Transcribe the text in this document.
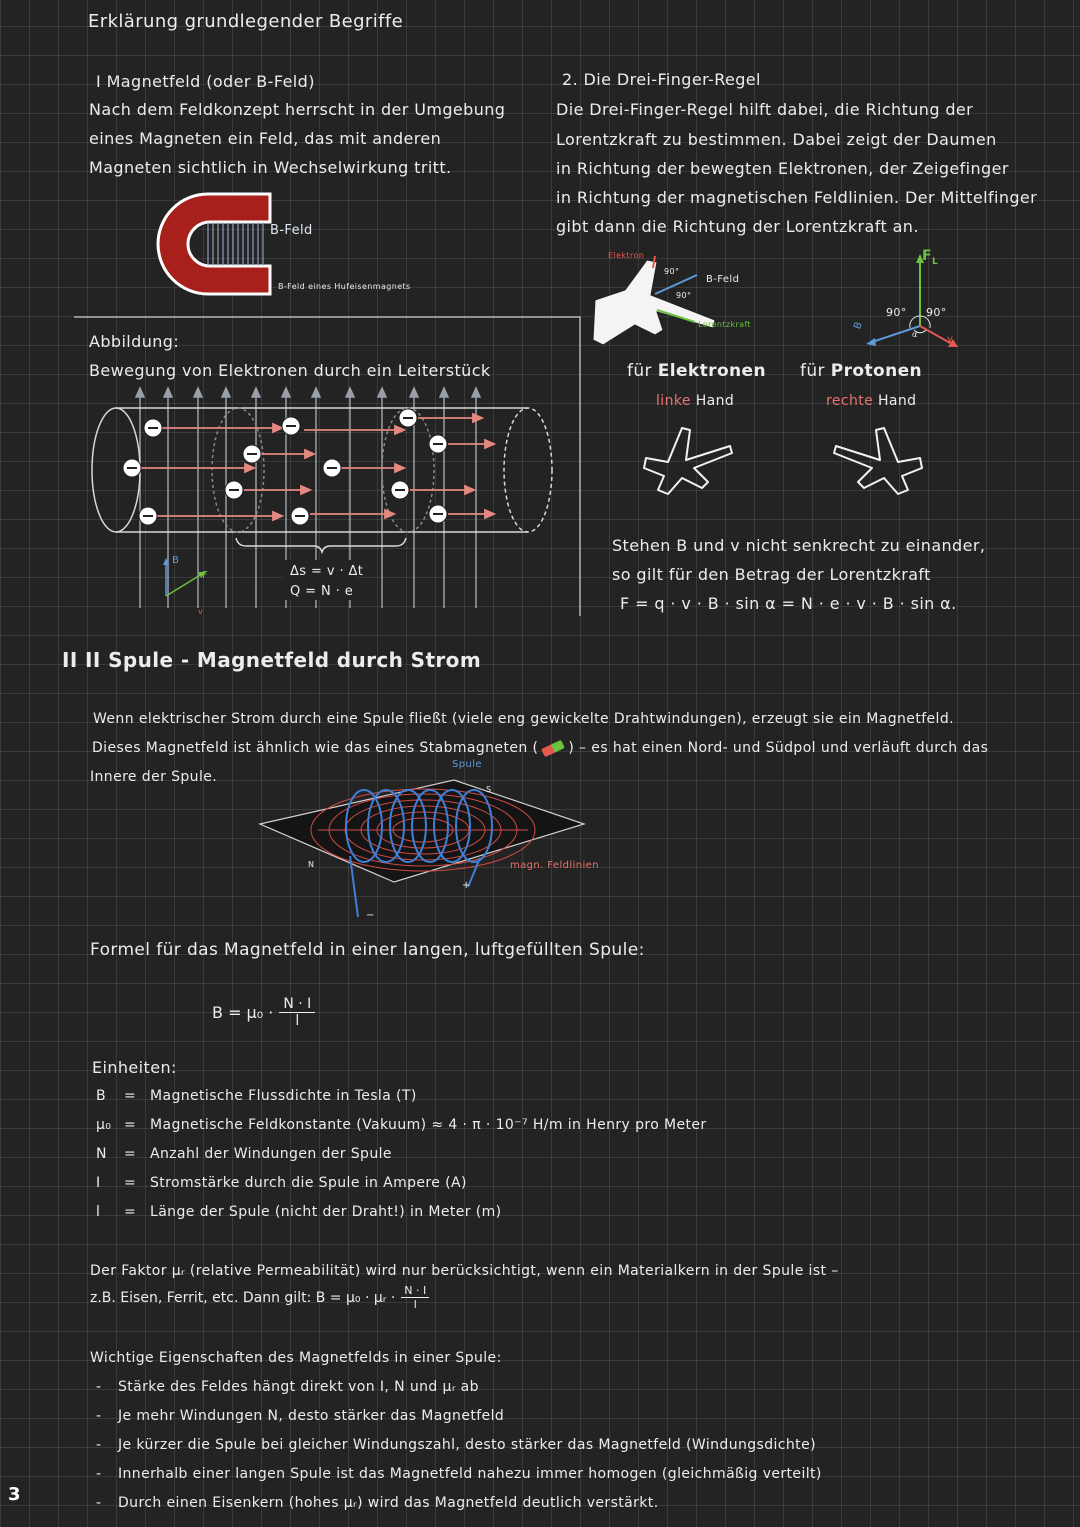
Erklärung grundlegender Begriffe
I Magnetfeld (oder B-Feld)
Nach dem Feldkonzept herrscht in der Umgebung
eines Magneten ein Feld, das mit anderen
Magneten sichtlich in Wechselwirkung tritt.
B-Feld
B-Feld eines Hufeisenmagnets
2. Die Drei-Finger-Regel
Die Drei-Finger-Regel hilft dabei, die Richtung der
Lorentzkraft zu bestimmen. Dabei zeigt der Daumen
in Richtung der bewegten Elektronen, der Zeigefinger
in Richtung der magnetischen Feldlinien. Der Mittelfinger
gibt dann die Richtung der Lorentzkraft an.
Elektron
90°
90°
B-Feld
Lorentzkraft
$F_L$
B
v
90° 90°
α
für Elektronen
linke Hand
für Protonen
rechte Hand
Stehen B und v nicht senkrecht zu einander,
so gilt für den Betrag der Lorentzkraft
F = q · v · B · sin α = N · e · v · B · sin α.
Abbildung:
Bewegung von Elektronen durch ein Leiterstück
B
F
v
Δs = v · Δt
Q = N · e
II II Spule - Magnetfeld durch Strom
Wenn elektrischer Strom durch eine Spule fließt (viele eng gewickelte Drahtwindungen), erzeugt sie ein Magnetfeld.
Dieses Magnetfeld ist ähnlich wie das eines Stabmagneten ( ) – es hat einen Nord- und Südpol und verläuft durch das
Innere der Spule.
Spule
S
N	magn. Feldlinien
+
−
Formel für das Magnetfeld in einer langen, luftgefüllten Spule:
$B = \mu_0 \cdot \frac{N \cdot I}{l}$
Einheiten:
B = Magnetische Flussdichte in Tesla (T)
μ₀ = Magnetische Feldkonstante (Vakuum) ≈ 4 · π · 10⁻⁷ H/m in Henry pro Meter
N = Anzahl der Windungen der Spule
I = Stromstärke durch die Spule in Ampere (A)
l = Länge der Spule (nicht der Draht!) in Meter (m)
Der Faktor μᵣ (relative Permeabilität) wird nur berücksichtigt, wenn ein Materialkern in der Spule ist –
z.B. Eisen, Ferrit, etc. Dann gilt: B = μ₀ · μᵣ · $\frac{N \cdot I}{l}$
Wichtige Eigenschaften des Magnetfelds in einer Spule:
- Stärke des Feldes hängt direkt von I, N und μᵣ ab
- Je mehr Windungen N, desto stärker das Magnetfeld
- Je kürzer die Spule bei gleicher Windungszahl, desto stärker das Magnetfeld (Windungsdichte)
- Innerhalb einer langen Spule ist das Magnetfeld nahezu immer homogen (gleichmäßig verteilt)
- Durch einen Eisenkern (hohes μᵣ) wird das Magnetfeld deutlich verstärkt.
3
